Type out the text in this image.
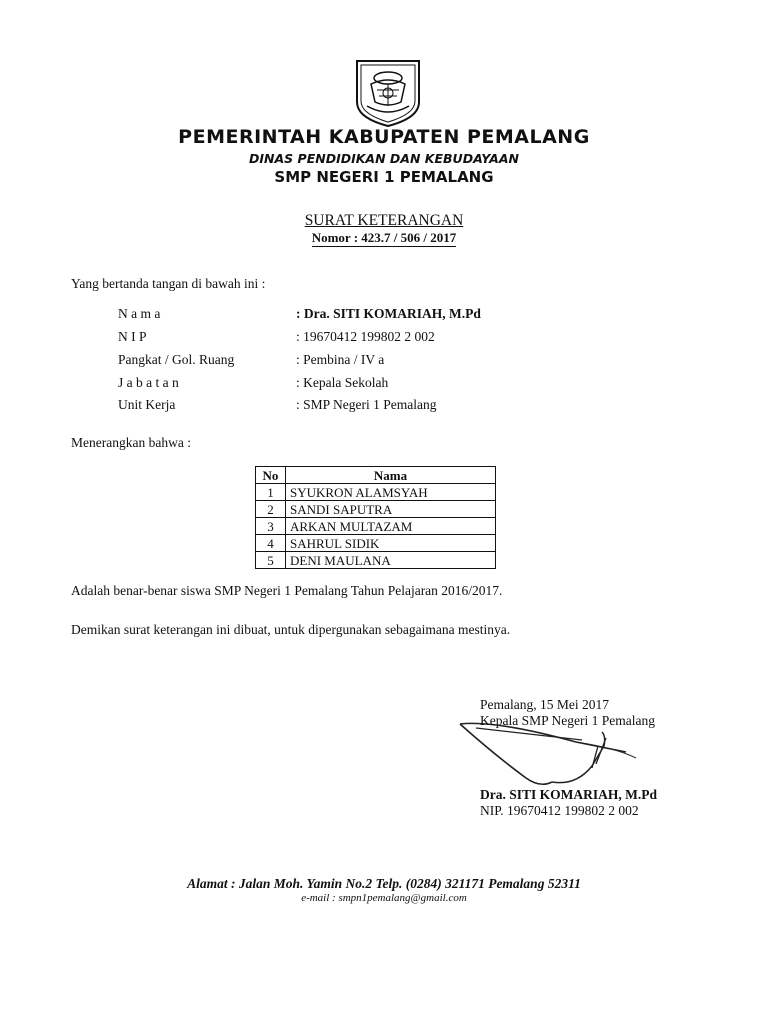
PEMERINTAH KABUPATEN PEMALANG
DINAS PENDIDIKAN DAN KEBUDAYAAN
SMP NEGERI 1 PEMALANG
SURAT KETERANGAN
Nomor : 423.7 / 506 / 2017
Yang bertanda tangan di bawah ini :
N a m a	: Dra. SITI KOMARIAH, M.Pd
N I P	: 19670412 199802 2 002
Pangkat / Gol. Ruang	: Pembina / IV a
J a b a t a n	: Kepala Sekolah
Unit Kerja	: SMP Negeri 1 Pemalang
Menerangkan bahwa :
No	Nama
1	SYUKRON ALAMSYAH
2	SANDI SAPUTRA
3	ARKAN MULTAZAM
4	SAHRUL SIDIK
5	DENI MAULANA
Adalah benar-benar siswa SMP Negeri 1 Pemalang Tahun Pelajaran 2016/2017.
Demikan surat keterangan ini dibuat, untuk dipergunakan sebagaimana mestinya.
Pemalang, 15 Mei 2017
Kepala SMP Negeri 1 Pemalang
Dra. SITI KOMARIAH, M.Pd
NIP. 19670412 199802 2 002
Alamat : Jalan Moh. Yamin No.2 Telp. (0284) 321171 Pemalang 52311
e-mail : smpn1pemalang@gmail.com
